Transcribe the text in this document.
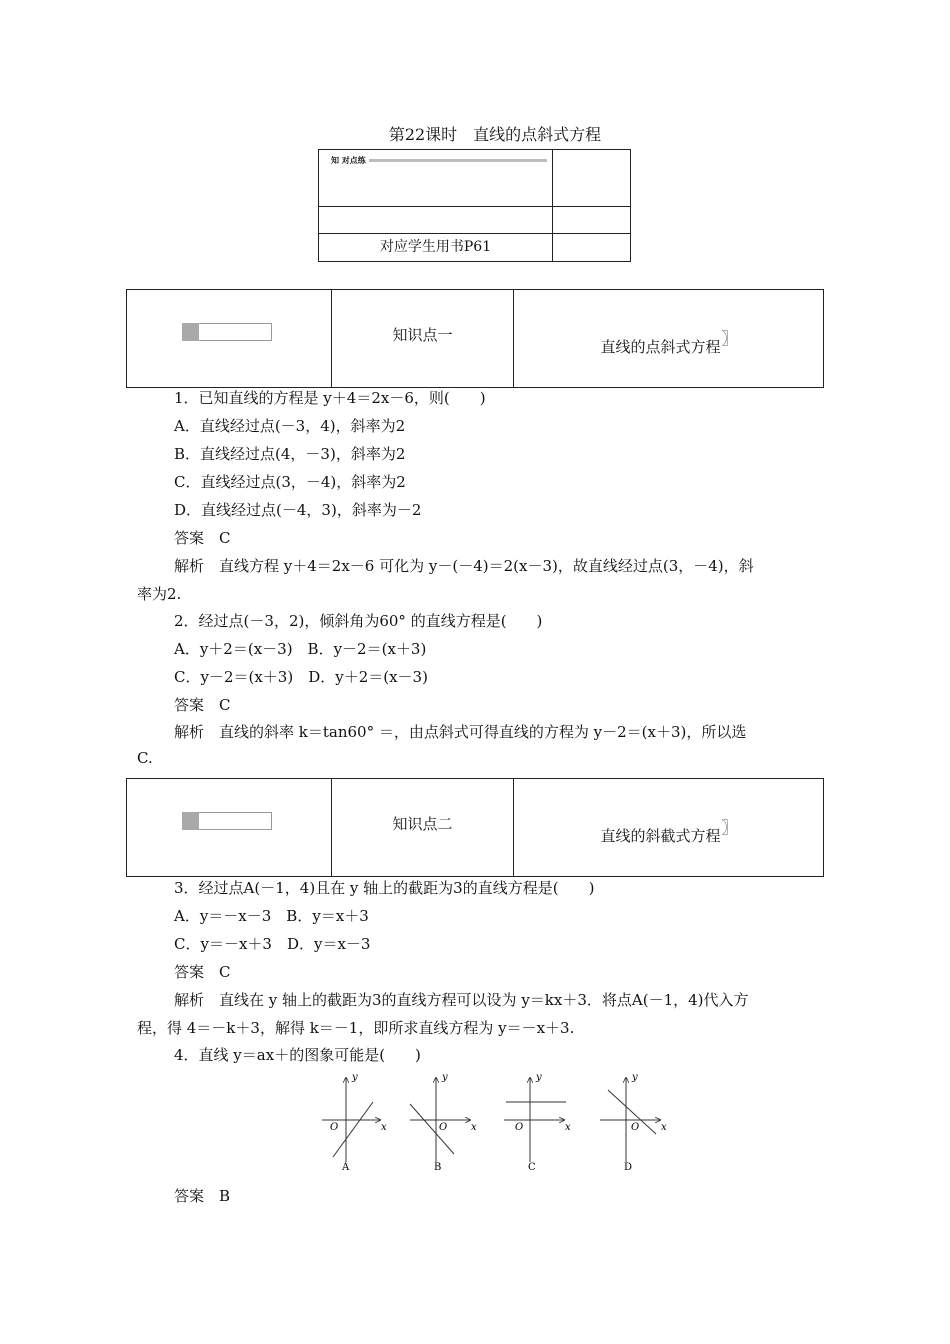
第22课时　直线的点斜式方程
知 对点练
对应学生用书P61
知识点一
直线的点斜式方程〗
1．已知直线的方程是 y＋4＝2x－6，则(　　)
A．直线经过点(－3，4)，斜率为2
B．直线经过点(4，－3)，斜率为2
C．直线经过点(3，－4)，斜率为2
D．直线经过点(－4，3)，斜率为－2
答案　C
解析　直线方程 y＋4＝2x－6 可化为 y－(－4)＝2(x－3)，故直线经过点(3，－4)，斜
率为2.
2．经过点(－3，2)，倾斜角为60° 的直线方程是(　　)
A．y＋2＝(x－3)　B．y－2＝(x＋3)
C．y－2＝(x＋3)　D．y＋2＝(x－3)
答案　C
解析　直线的斜率 k＝tan60° ＝，由点斜式可得直线的方程为 y－2＝(x＋3)，所以选
C.
知识点二
直线的斜截式方程〗
3．经过点A(－1，4)且在 y 轴上的截距为3的直线方程是(　　)
A．y＝－x－3　B．y＝x＋3
C．y＝－x＋3　D．y＝x－3
答案　C
解析　直线在 y 轴上的截距为3的直线方程可以设为 y＝kx＋3．将点A(－1，4)代入方
程，得 4＝－k＋3，解得 k＝－1，即所求直线方程为 y＝－x＋3.
4．直线 y＝ax＋的图象可能是(　　)
y
x
O
A
y
x
O
B
y
x
O
C
y
x
O
D
答案　B
